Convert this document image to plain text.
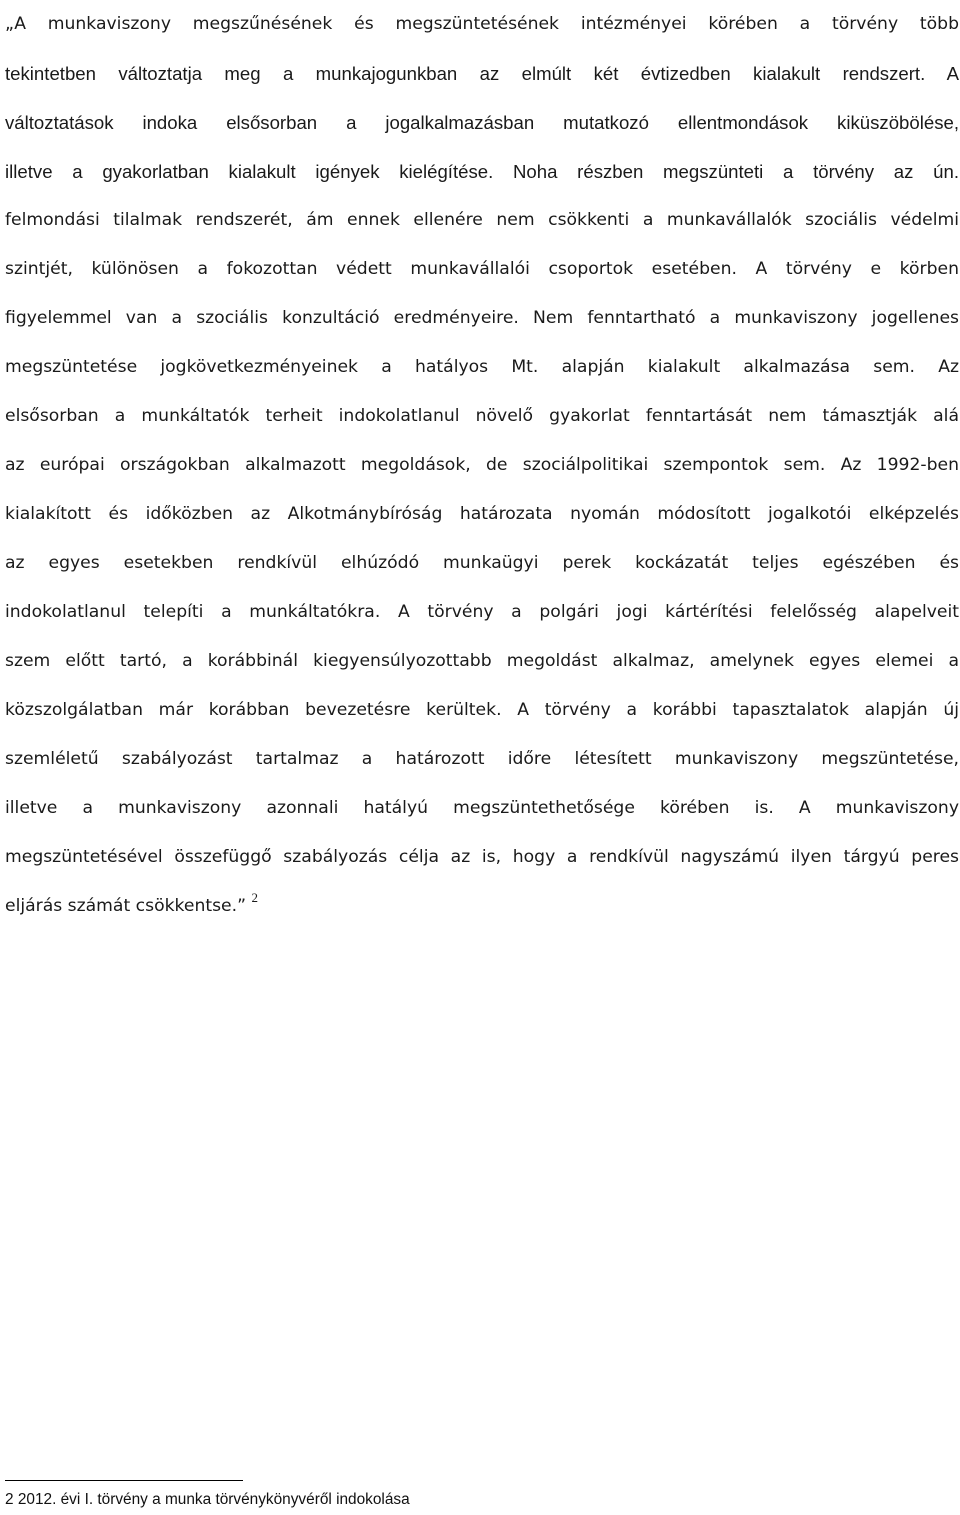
„A munkaviszony megszűnésének és megszüntetésének intézményei körében a törvény több
tekintetben változtatja meg a munkajogunkban az elmúlt két évtizedben kialakult rendszert. A
változtatások indoka elsősorban a jogalkalmazásban mutatkozó ellentmondások kiküszöbölése,
illetve a gyakorlatban kialakult igények kielégítése. Noha részben megszünteti a törvény az ún.
felmondási tilalmak rendszerét, ám ennek ellenére nem csökkenti a munkavállalók szociális védelmi
szintjét, különösen a fokozottan védett munkavállalói csoportok esetében. A törvény e körben
figyelemmel van a szociális konzultáció eredményeire. Nem fenntartható a munkaviszony jogellenes
megszüntetése jogkövetkezményeinek a hatályos Mt. alapján kialakult alkalmazása sem. Az
elsősorban a munkáltatók terheit indokolatlanul növelő gyakorlat fenntartását nem támasztják alá
az európai országokban alkalmazott megoldások, de szociálpolitikai szempontok sem. Az 1992-ben
kialakított és időközben az Alkotmánybíróság határozata nyomán módosított jogalkotói elképzelés
az egyes esetekben rendkívül elhúzódó munkaügyi perek kockázatát teljes egészében és
indokolatlanul telepíti a munkáltatókra. A törvény a polgári jogi kártérítési felelősség alapelveit
szem előtt tartó, a korábbinál kiegyensúlyozottabb megoldást alkalmaz, amelynek egyes elemei a
közszolgálatban már korábban bevezetésre kerültek. A törvény a korábbi tapasztalatok alapján új
szemléletű szabályozást tartalmaz a határozott időre létesített munkaviszony megszüntetése,
illetve a munkaviszony azonnali hatályú megszüntethetősége körében is. A munkaviszony
megszüntetésével összefüggő szabályozás célja az is, hogy a rendkívül nagyszámú ilyen tárgyú peres
eljárás számát csökkentse.” $^2$
2 2012. évi I. törvény a munka törvénykönyvéről indokolása
